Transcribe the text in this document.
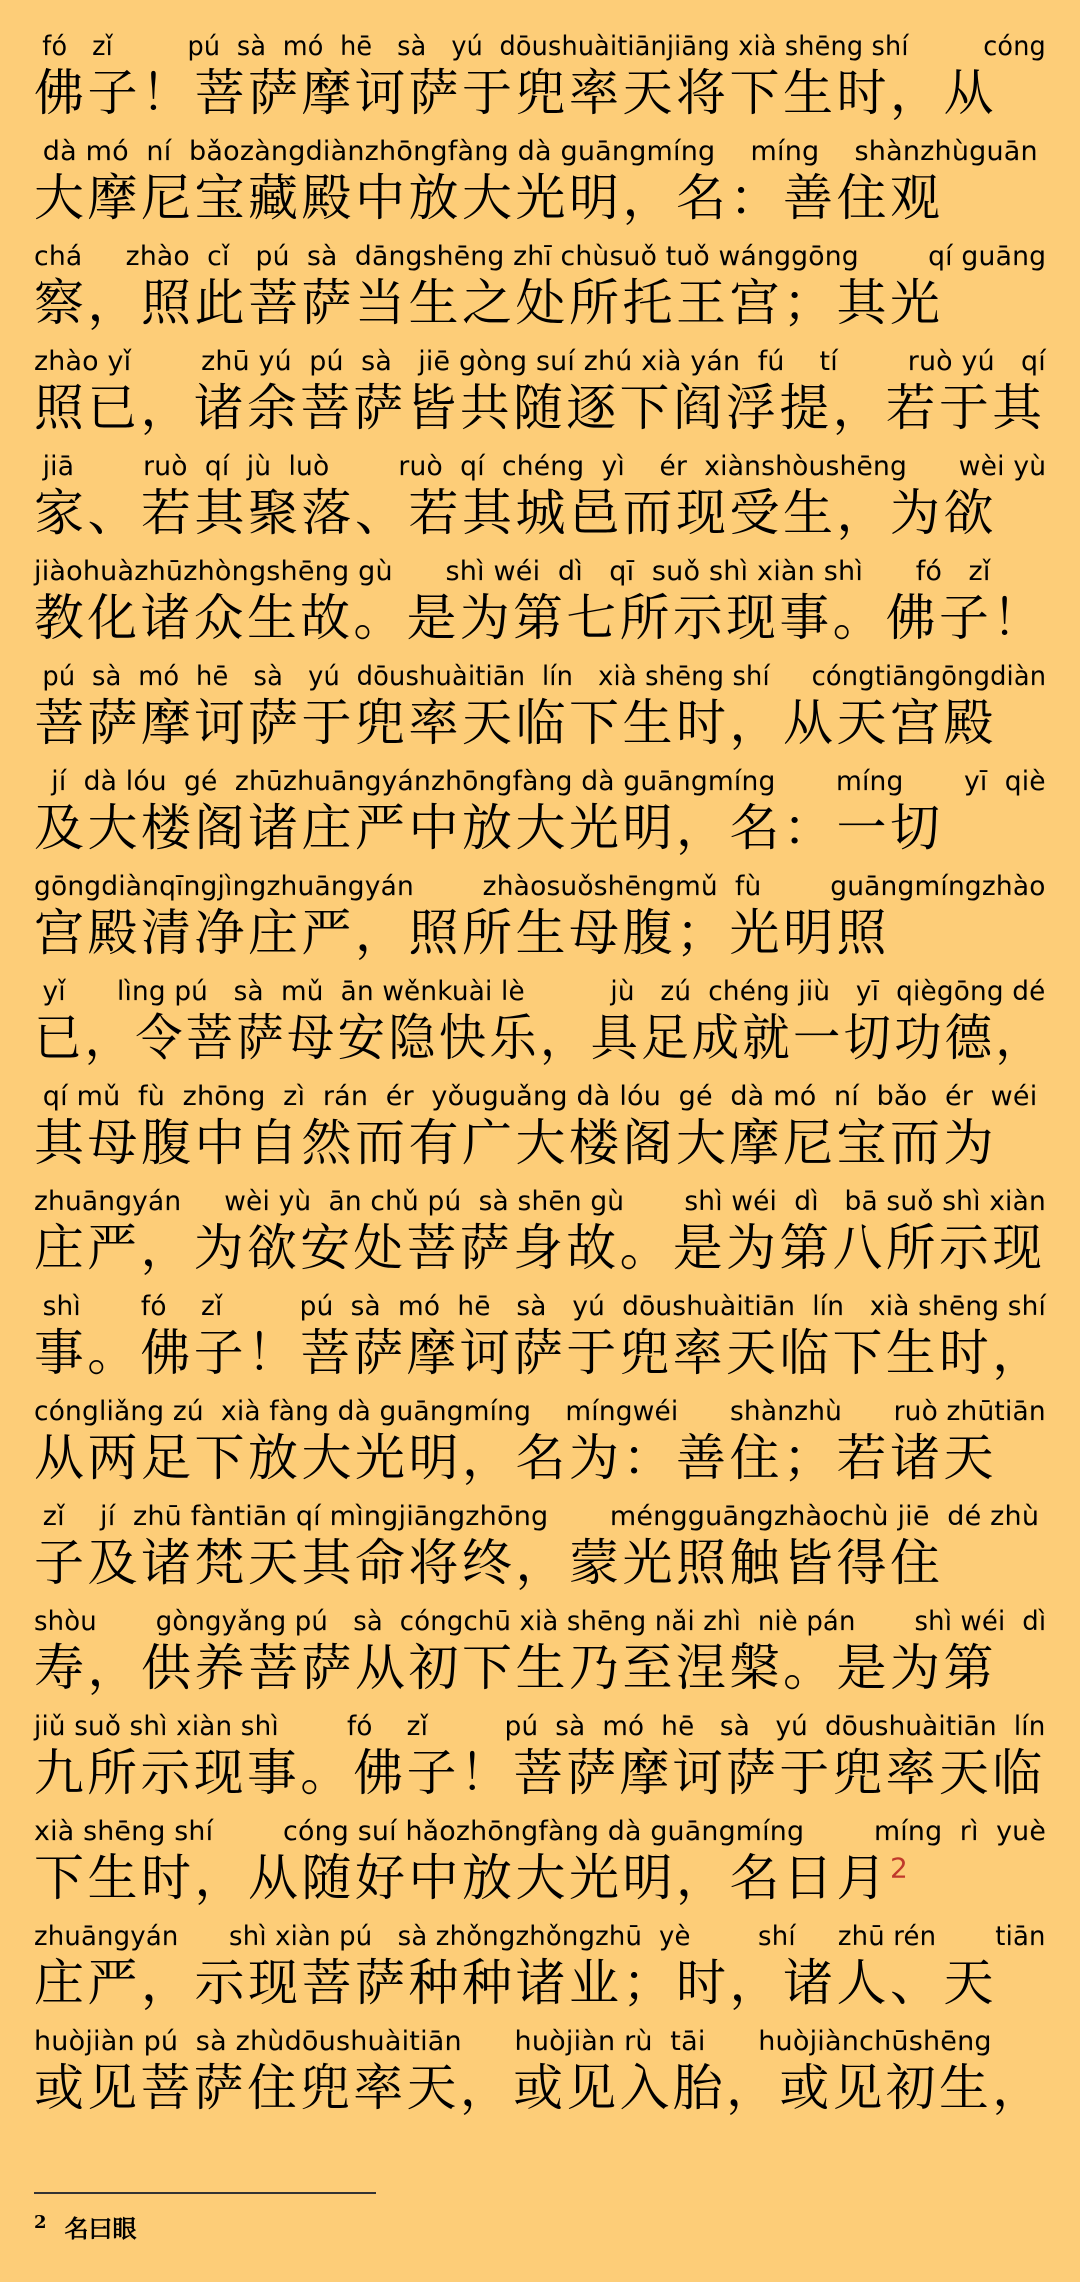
fó   zǐ         pú  sà  mó  hē   sà   yú  dōushuàitiānjiāng xià shēng shí         cóng
佛子！菩萨摩诃萨于兜率天将下生时，从
dà mó  ní  bǎozàngdiànzhōngfàng dà guāngmíng    míng    shànzhùguān
大摩尼宝藏殿中放大光明，名：善住观
chá     zhào  cǐ   pú  sà  dāngshēng zhī chùsuǒ tuǒ wánggōng        qí guāng
察，照此菩萨当生之处所托王宫；其光
zhào yǐ        zhū yú  pú  sà   jiē gòng suí zhú xià yán  fú    tí        ruò yú   qí
照已，诸余菩萨皆共随逐下阎浮提，若于其
jiā        ruò  qí  jù  luò        ruò  qí  chéng  yì    ér  xiànshòushēng      wèi yù
家、若其聚落、若其城邑而现受生，为欲
jiàohuàzhūzhòngshēng gù      shì wéi  dì   qī  suǒ shì xiàn shì      fó   zǐ
教化诸众生故。是为第七所示现事。佛子！
pú  sà  mó  hē   sà   yú  dōushuàitiān  lín   xià shēng shí     cóngtiāngōngdiàn
菩萨摩诃萨于兜率天临下生时，从天宫殿
jí  dà lóu  gé  zhūzhuāngyánzhōngfàng dà guāngmíng       míng       yī  qiè
及大楼阁诸庄严中放大光明，名：一切
gōngdiànqīngjìngzhuāngyán        zhàosuǒshēngmǔ  fù        guāngmíngzhào
宫殿清净庄严，照所生母腹；光明照
yǐ      lìng pú   sà  mǔ  ān wěnkuài lè          jù   zú  chéng jiù   yī  qiègōng dé
已，令菩萨母安隐快乐，具足成就一切功德，
qí mǔ  fù  zhōng  zì  rán  ér  yǒuguǎng dà lóu  gé  dà mó  ní  bǎo  ér  wéi
其母腹中自然而有广大楼阁大摩尼宝而为
zhuāngyán     wèi yù  ān chǔ pú  sà shēn gù       shì wéi  dì   bā suǒ shì xiàn
庄严，为欲安处菩萨身故。是为第八所示现
shì       fó    zǐ         pú  sà  mó  hē   sà   yú  dōushuàitiān  lín   xià shēng shí
事。佛子！菩萨摩诃萨于兜率天临下生时，
cóngliǎng zú  xià fàng dà guāngmíng    míngwéi      shànzhù      ruò zhūtiān
从两足下放大光明，名为：善住；若诸天
zǐ    jí  zhū fàntiān qí mìngjiāngzhōng       méngguāngzhàochù jiē  dé zhù
子及诸梵天其命将终，蒙光照触皆得住
shòu       gòngyǎng pú   sà  cóngchū xià shēng nǎi zhì  niè pán       shì wéi  dì
寿，供养菩萨从初下生乃至涅槃。是为第
jiǔ suǒ shì xiàn shì        fó    zǐ         pú  sà  mó  hē   sà   yú  dōushuàitiān  lín
九所示现事。佛子！菩萨摩诃萨于兜率天临
xià shēng shí        cóng suí hǎozhōngfàng dà guāngmíng        míng  rì  yuè
下生时，从随好中放大光明，名日月$^2$
zhuāngyán      shì xiàn pú   sà zhǒngzhǒngzhū  yè        shí     zhū rén       tiān
庄严，示现菩萨种种诸业；时，诸人、天
huòjiàn pú  sà zhùdōushuàitiān      huòjiàn rù  tāi      huòjiànchūshēng
或见菩萨住兜率天，或见入胎，或见初生，
$^2$ 名曰眼
